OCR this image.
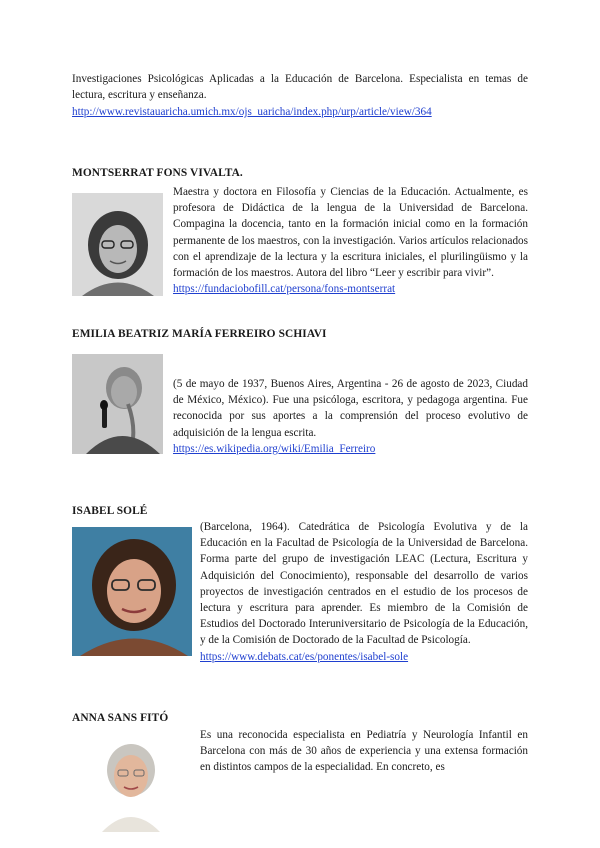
Investigaciones Psicológicas Aplicadas a la Educación de Barcelona. Especialista en temas de lectura, escritura y enseñanza.
http://www.revistauaricha.umich.mx/ojs_uaricha/index.php/urp/article/view/364
MONTSERRAT FONS VIVALTA.
Maestra y doctora en Filosofía y Ciencias de la Educación. Actualmente, es profesora de Didáctica de la lengua de la Universidad de Barcelona. Compagina la docencia, tanto en la formación inicial como en la formación permanente de los maestros, con la investigación. Varios artículos relacionados con el aprendizaje de la lectura y la escritura iniciales, el plurilingüismo y la formación de los maestros. Autora del libro “Leer y escribir para vivir”.
https://fundaciobofill.cat/persona/fons-montserrat
EMILIA BEATRIZ MARÍA FERREIRO SCHIAVI
(5 de mayo de 1937, Buenos Aires, Argentina - 26 de agosto de 2023, Ciudad de México, México). Fue una psicóloga, escritora, y pedagoga argentina. Fue reconocida por sus aportes a la comprensión del proceso evolutivo de adquisición de la lengua escrita.
https://es.wikipedia.org/wiki/Emilia_Ferreiro
ISABEL SOLÉ
(Barcelona, 1964). Catedrática de Psicología Evolutiva y de la Educación en la Facultad de Psicología de la Universidad de Barcelona. Forma parte del grupo de investigación LEAC (Lectura, Escritura y Adquisición del Conocimiento), responsable del desarrollo de varios proyectos de investigación centrados en el estudio de los procesos de lectura y escritura para aprender. Es miembro de la Comisión de Estudios del Doctorado Interuniversitario de Psicología de la Educación, y de la Comisión de Doctorado de la Facultad de Psicología.
https://www.debats.cat/es/ponentes/isabel-sole
ANNA SANS FITÓ
Es una reconocida especialista en Pediatría y Neurología Infantil en Barcelona con más de 30 años de experiencia y una extensa formación en distintos campos de la especialidad. En concreto, es
